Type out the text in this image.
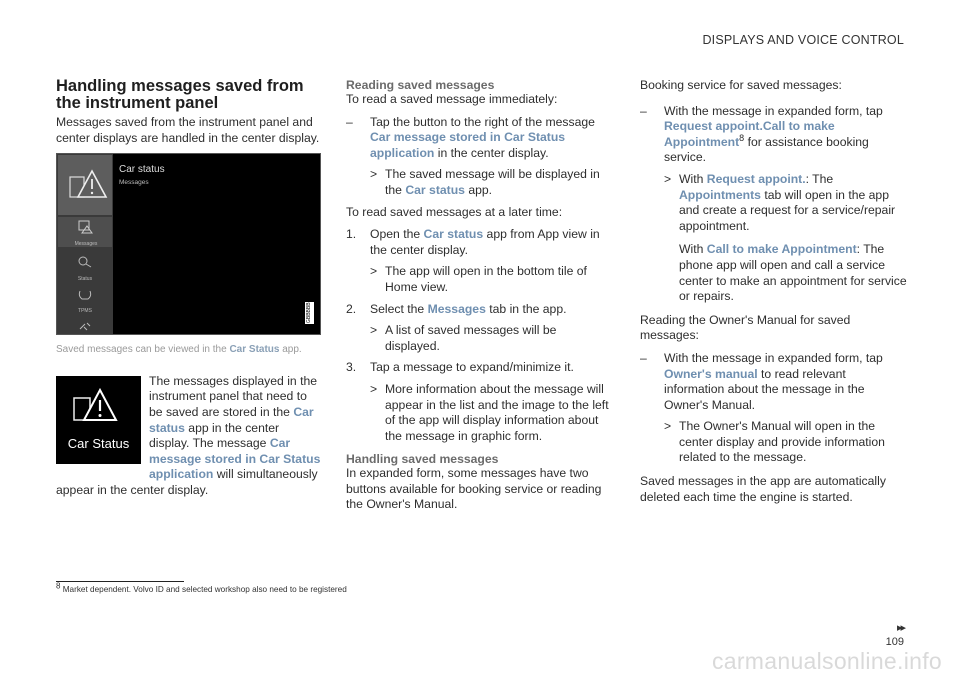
DISPLAYS AND VOICE CONTROL
Handling messages saved from the instrument panel

Messages saved from the instrument panel and center displays are handled in the center display.

Messages
Status
TPMS
Car status
Messages
GBBBBB
Saved messages can be viewed in the Car Status app.
Car Status
The messages displayed in the instrument panel that need to be saved are stored in the Car status app in the center display. The message Car message stored in Car Status application will simultaneously appear in the center display.
Reading saved messages

To read a saved message immediately:

– Tap the button to the right of the message Car message stored in Car Status application in the center display.
> The saved message will be displayed in the Car status app.

To read saved messages at a later time:

1. Open the Car status app from App view in the center display.
> The app will open in the bottom tile of Home view.
2. Select the Messages tab in the app.
> A list of saved messages will be displayed.
3. Tap a message to expand/minimize it.
> More information about the message will appear in the list and the image to the left of the app will display information about the message in graphic form.
Handling saved messages

In expanded form, some messages have two buttons available for booking service or reading the Owner's Manual.

Booking service for saved messages:

– With the message in expanded form, tap Request appoint.Call to make Appointment$^8$ for assistance booking service.
> With Request appoint.: The Appointments tab will open in the app and create a request for a service/repair appointment.
With Call to make Appointment: The phone app will open and call a service center to make an appointment for service or repairs.

Reading the Owner's Manual for saved messages:

– With the message in expanded form, tap Owner's manual to read relevant information about the message in the Owner's Manual.
> The Owner's Manual will open in the center display and provide information related to the message.

Saved messages in the app are automatically deleted each time the engine is started.

$^8$ Market dependent. Volvo ID and selected workshop also need to be registered
▸▸
109
carmanualsonline.info
